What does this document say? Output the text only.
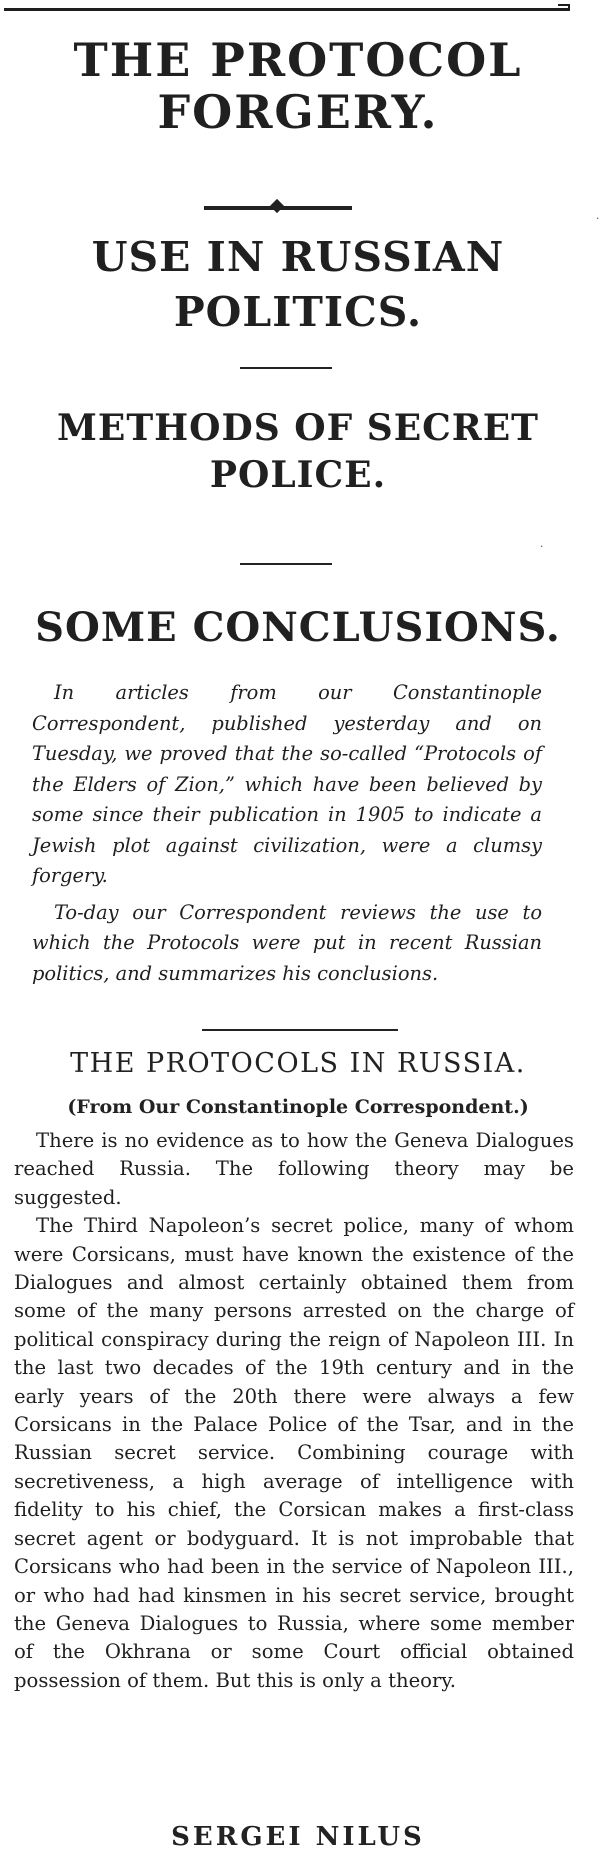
THE PROTOCOL FORGERY.
USE IN RUSSIAN POLITICS.
METHODS OF SECRET POLICE.
SOME CONCLUSIONS.

In articles from our Constantinople Correspondent, published yesterday and on Tuesday, we proved that the so-called “Protocols of the Elders of Zion,” which have been believed by some since their publication in 1905 to indicate a Jewish plot against civilization, were a clumsy forgery.

To-day our Correspondent reviews the use to which the Protocols were put in recent Russian politics, and summarizes his conclusions.

THE PROTOCOLS IN RUSSIA.

(From Our Constantinople Correspondent.)

There is no evidence as to how the Geneva Dialogues reached Russia. The following theory may be suggested.

The Third Napoleon’s secret police, many of whom were Corsicans, must have known the existence of the Dialogues and almost certainly obtained them from some of the many persons arrested on the charge of political conspiracy during the reign of Napoleon III. In the last two decades of the 19th century and in the early years of the 20th there were always a few Corsicans in the Palace Police of the Tsar, and in the Russian secret service. Combining courage with secretiveness, a high average of intelligence with fidelity to his chief, the Corsican makes a first-class secret agent or bodyguard. It is not improbable that Corsicans who had been in the service of Napoleon III., or who had had kinsmen in his secret service, brought the Geneva Dialogues to Russia, where some member of the Okhrana or some Court official obtained possession of them. But this is only a theory.

SERGEI NILUS
·
·
